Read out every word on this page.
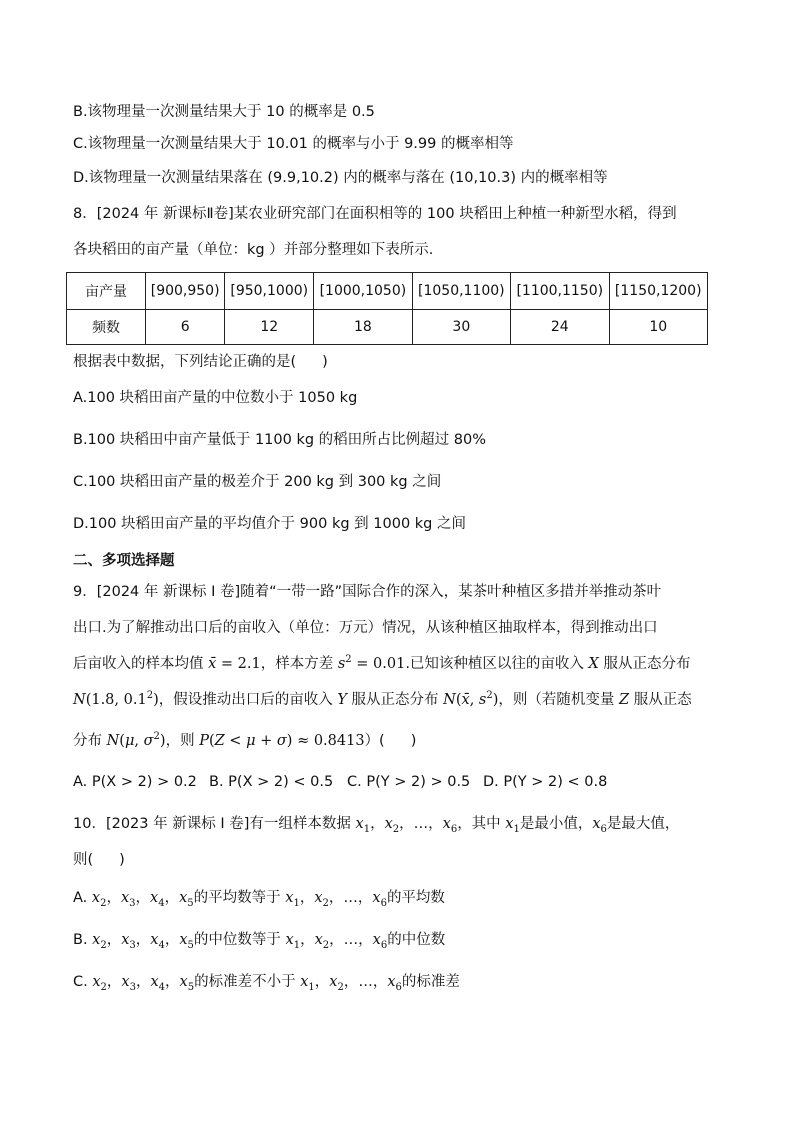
B.该物理量一次测量结果大于 10 的概率是 0.5
C.该物理量一次测量结果大于 10.01 的概率与小于 9.99 的概率相等
D.该物理量一次测量结果落在 (9.9,10.2) 内的概率与落在 (10,10.3) 内的概率相等
8．[2024 年 新课标Ⅱ卷]某农业研究部门在面积相等的 100 块稻田上种植一种新型水稻，得到
各块稻田的亩产量（单位：kg ）并部分整理如下表所示.
亩产量	[900,950)	[950,1000)	[1000,1050)	[1050,1100)	[1100,1150)	[1150,1200)
频数	6	12	18	30	24	10
根据表中数据，下列结论正确的是( )
A.100 块稻田亩产量的中位数小于 1050 kg
B.100 块稻田中亩产量低于 1100 kg 的稻田所占比例超过 80%
C.100 块稻田亩产量的极差介于 200 kg 到 300 kg 之间
D.100 块稻田亩产量的平均值介于 900 kg 到 1000 kg 之间
二、多项选择题
9．[2024 年 新课标 I 卷]随着“一带一路”国际合作的深入，某茶叶种植区多措并举推动茶叶
出口.为了解推动出口后的亩收入（单位：万元）情况，从该种植区抽取样本，得到推动出口
后亩收入的样本均值 x̄ = 2.1，样本方差 $s^2 = 0.01$.已知该种植区以往的亩收入 X 服从正态分布
N(1.8, $0.1^2$)，假设推动出口后的亩收入 Y 服从正态分布 N(x̄, $s^2$)，则（若随机变量 Z 服从正态
分布 N(μ, $\sigma^2$)，则 P(Z < μ + σ) ≈ 0.8413）( )
A. P(X > 2) > 0.2 B. P(X > 2) < 0.5 C. P(Y > 2) > 0.5 D. P(Y > 2) < 0.8
10．[2023 年 新课标 I 卷]有一组样本数据 $x_1$，$x_2$，…，$x_6$，其中 $x_1$是最小值，$x_6$是最大值，
则( )
A. $x_2$，$x_3$，$x_4$，$x_5$的平均数等于 $x_1$，$x_2$，…，$x_6$的平均数
B. $x_2$，$x_3$，$x_4$，$x_5$的中位数等于 $x_1$，$x_2$，…，$x_6$的中位数
C. $x_2$，$x_3$，$x_4$，$x_5$的标准差不小于 $x_1$，$x_2$，…，$x_6$的标准差
